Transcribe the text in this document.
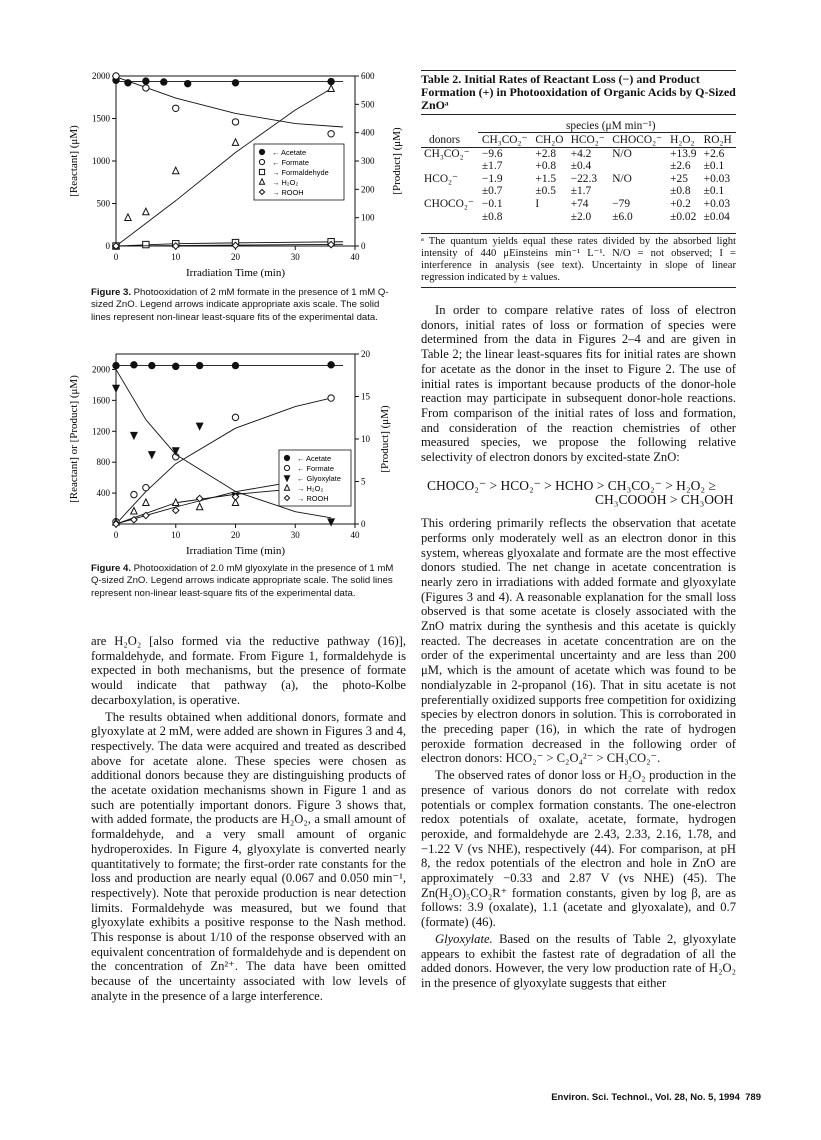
0	10	20	30	40
0
500
1000
1500
2000
0
100
200
300
400
500
600
Irradiation Time (min)
[Reactant] (μM)	[Product] (μM)
← Acetate
← Formate
→ Formaldehyde
→ H₂O₂
→ ROOH
Figure 3. Photooxidation of 2 mM formate in the presence of 1 mM Q-sized ZnO. Legend arrows indicate appropriate axis scale. The solid lines represent non-linear least-square fits of the experimental data.
0	10	20	30	40
400
800
1200
1600
2000
0
5
10
15
20
Irradiation Time (min)
[Reactant] or [Product] (μM)	[Product] (μM)
← Acetate
← Formate
← Glyoxylate
→ H₂O₂
→ ROOH
Figure 4. Photooxidation of 2.0 mM glyoxylate in the presence of 1 mM Q-sized ZnO. Legend arrows indicate appropriate scale. The solid lines represent non-linear least-square fits of the experimental data.

are H₂O₂ [also formed via the reductive pathway (16)], formaldehyde, and formate. From Figure 1, formaldehyde is expected in both mechanisms, but the presence of formate would indicate that pathway (a), the photo-Kolbe decarboxylation, is operative.

The results obtained when additional donors, formate and glyoxylate at 2 mM, were added are shown in Figures 3 and 4, respectively. The data were acquired and treated as described above for acetate alone. These species were chosen as additional donors because they are distinguishing products of the acetate oxidation mechanisms shown in Figure 1 and as such are potentially important donors. Figure 3 shows that, with added formate, the products are H₂O₂, a small amount of formaldehyde, and a very small amount of organic hydroperoxides. In Figure 4, glyoxylate is converted nearly quantitatively to formate; the first-order rate constants for the loss and production are nearly equal (0.067 and 0.050 min⁻¹, respectively). Note that peroxide production is near detection limits. Formaldehyde was measured, but we found that glyoxylate exhibits a positive response to the Nash method. This response is about 1/10 of the response observed with an equivalent concentration of formaldehyde and is dependent on the concentration of Zn²⁺. The data have been omitted because of the uncertainty associated with low levels of analyte in the presence of a large interference.

Table 2. Initial Rates of Reactant Loss (−) and Product Formation (+) in Photooxidation of Organic Acids by Q-Sized ZnOᵃ
species (μM min⁻¹)
donors	CH₃CO₂⁻	CH₂O	HCO₂⁻	CHOCO₂⁻	H₂O₂	RO₂H
CH₃CO₂⁻	−9.6	+2.8	+4.2	N/O	+13.9	+2.6
	±1.7	+0.8	±0.4		±2.6	±0.1
HCO₂⁻	−1.9	+1.5	−22.3	N/O	+25	+0.03
	±0.7	±0.5	±1.7		±0.8	±0.1
CHOCO₂⁻	−0.1	I	+74	−79	+0.2	+0.03
	±0.8		±2.0	±6.0	±0.02	±0.04
ᵃ The quantum yields equal these rates divided by the absorbed light intensity of 440 μEinsteins min⁻¹ L⁻¹. N/O = not observed; I = interference in analysis (see text). Uncertainty in slope of linear regression indicated by ± values.

In order to compare relative rates of loss of electron donors, initial rates of loss or formation of species were determined from the data in Figures 2–4 and are given in Table 2; the linear least-squares fits for initial rates are shown for acetate as the donor in the inset to Figure 2. The use of initial rates is important because products of the donor-hole reaction may participate in subsequent donor-hole reactions. From comparison of the initial rates of loss and formation, and consideration of the reaction chemistries of other measured species, we propose the following relative selectivity of electron donors by excited-state ZnO:

CHOCO₂⁻ > HCO₂⁻ > HCHO > CH₃CO₂⁻ > H₂O₂ ≥
CH₃COOOH > CH₃OOH

This ordering primarily reflects the observation that acetate performs only moderately well as an electron donor in this system, whereas glyoxalate and formate are the most effective donors studied. The net change in acetate concentration is nearly zero in irradiations with added formate and glyoxylate (Figures 3 and 4). A reasonable explanation for the small loss observed is that some acetate is closely associated with the ZnO matrix during the synthesis and this acetate is quickly reacted. The decreases in acetate concentration are on the order of the experimental uncertainty and are less than 200 μM, which is the amount of acetate which was found to be nondialyzable in 2-propanol (16). That in situ acetate is not preferentially oxidized supports free competition for oxidizing species by electron donors in solution. This is corroborated in the preceding paper (16), in which the rate of hydrogen peroxide formation decreased in the following order of electron donors: HCO₂⁻ > C₂O₄²⁻ > CH₃CO₂⁻.

The observed rates of donor loss or H₂O₂ production in the presence of various donors do not correlate with redox potentials or complex formation constants. The one-electron redox potentials of oxalate, acetate, formate, hydrogen peroxide, and formaldehyde are 2.43, 2.33, 2.16, 1.78, and −1.22 V (vs NHE), respectively (44). For comparison, at pH 8, the redox potentials of the electron and hole in ZnO are approximately −0.33 and 2.87 V (vs NHE) (45). The Zn(H₂O)₅CO₂R⁺ formation constants, given by log β, are as follows: 3.9 (oxalate), 1.1 (acetate and glyoxalate), and 0.7 (formate) (46).

Glyoxylate. Based on the results of Table 2, glyoxylate appears to exhibit the fastest rate of degradation of all the added donors. However, the very low production rate of H₂O₂ in the presence of glyoxylate suggests that either

Environ. Sci. Technol., Vol. 28, No. 5, 1994  789
